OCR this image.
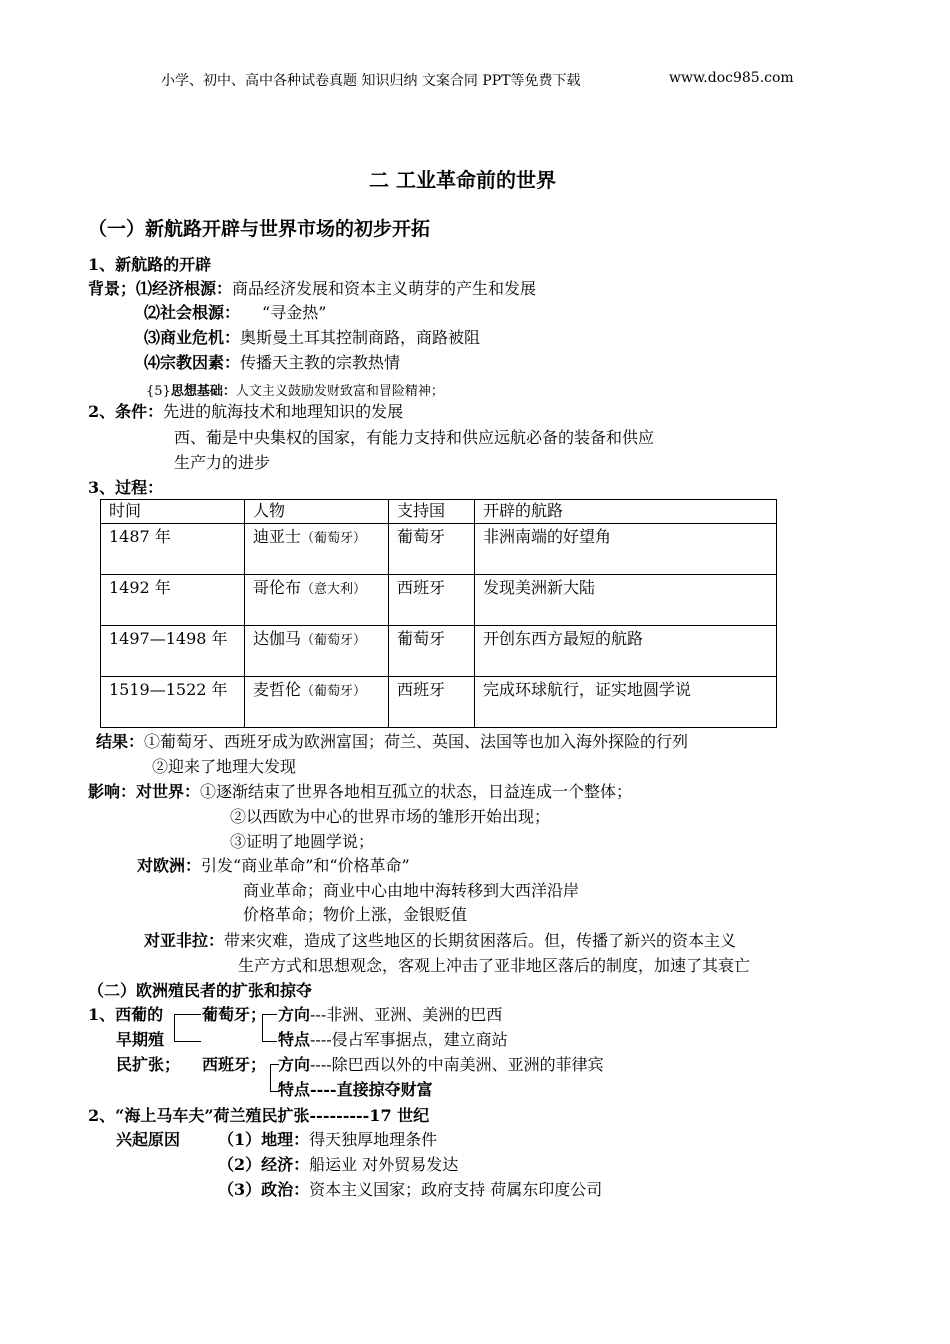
小学、初中、高中各种试卷真题 知识归纳 文案合同 PPT等免费下载	www.doc985.com
二 工业革命前的世界
（一）新航路开辟与世界市场的初步开拓
1、新航路的开辟
背景；⑴经济根源：商品经济发展和资本主义萌芽的产生和发展
⑵社会根源： “寻金热”
⑶商业危机：奥斯曼土耳其控制商路，商路被阻
⑷宗教因素：传播天主教的宗教热情
{5}思想基础：人文主义鼓励发财致富和冒险精神；
2、条件：先进的航海技术和地理知识的发展
西、葡是中央集权的国家，有能力支持和供应远航必备的装备和供应
生产力的进步
3、过程：
时间	人物	支持国	开辟的航路
1487 年	迪亚士（葡萄牙）	葡萄牙	非洲南端的好望角
1492 年	哥伦布（意大利）	西班牙	发现美洲新大陆
1497—1498 年	达伽马（葡萄牙）	葡萄牙	开创东西方最短的航路
1519—1522 年	麦哲伦（葡萄牙）	西班牙	完成环球航行，证实地圆学说
结果：①葡萄牙、西班牙成为欧洲富国；荷兰、英国、法国等也加入海外探险的行列
②迎来了地理大发现
影响：对世界：①逐渐结束了世界各地相互孤立的状态，日益连成一个整体；
②以西欧为中心的世界市场的雏形开始出现；
③证明了地圆学说；
对欧洲：引发“商业革命”和“价格革命”
商业革命；商业中心由地中海转移到大西洋沿岸
价格革命；物价上涨，金银贬值
对亚非拉：带来灾难，造成了这些地区的长期贫困落后。但，传播了新兴的资本主义
生产方式和思想观念，客观上冲击了亚非地区落后的制度，加速了其衰亡
（二）欧洲殖民者的扩张和掠夺
1、西葡的
早期殖
民扩张；
葡萄牙； 方向---非洲、亚洲、美洲的巴西
特点----侵占军事据点，建立商站
西班牙； 方向----除巴西以外的中南美洲、亚洲的菲律宾
特点----直接掠夺财富
2、“海上马车夫”荷兰殖民扩张---------17 世纪
兴起原因 （1）地理：得天独厚地理条件
（2）经济：船运业 对外贸易发达
（3）政治：资本主义国家；政府支持 荷属东印度公司
